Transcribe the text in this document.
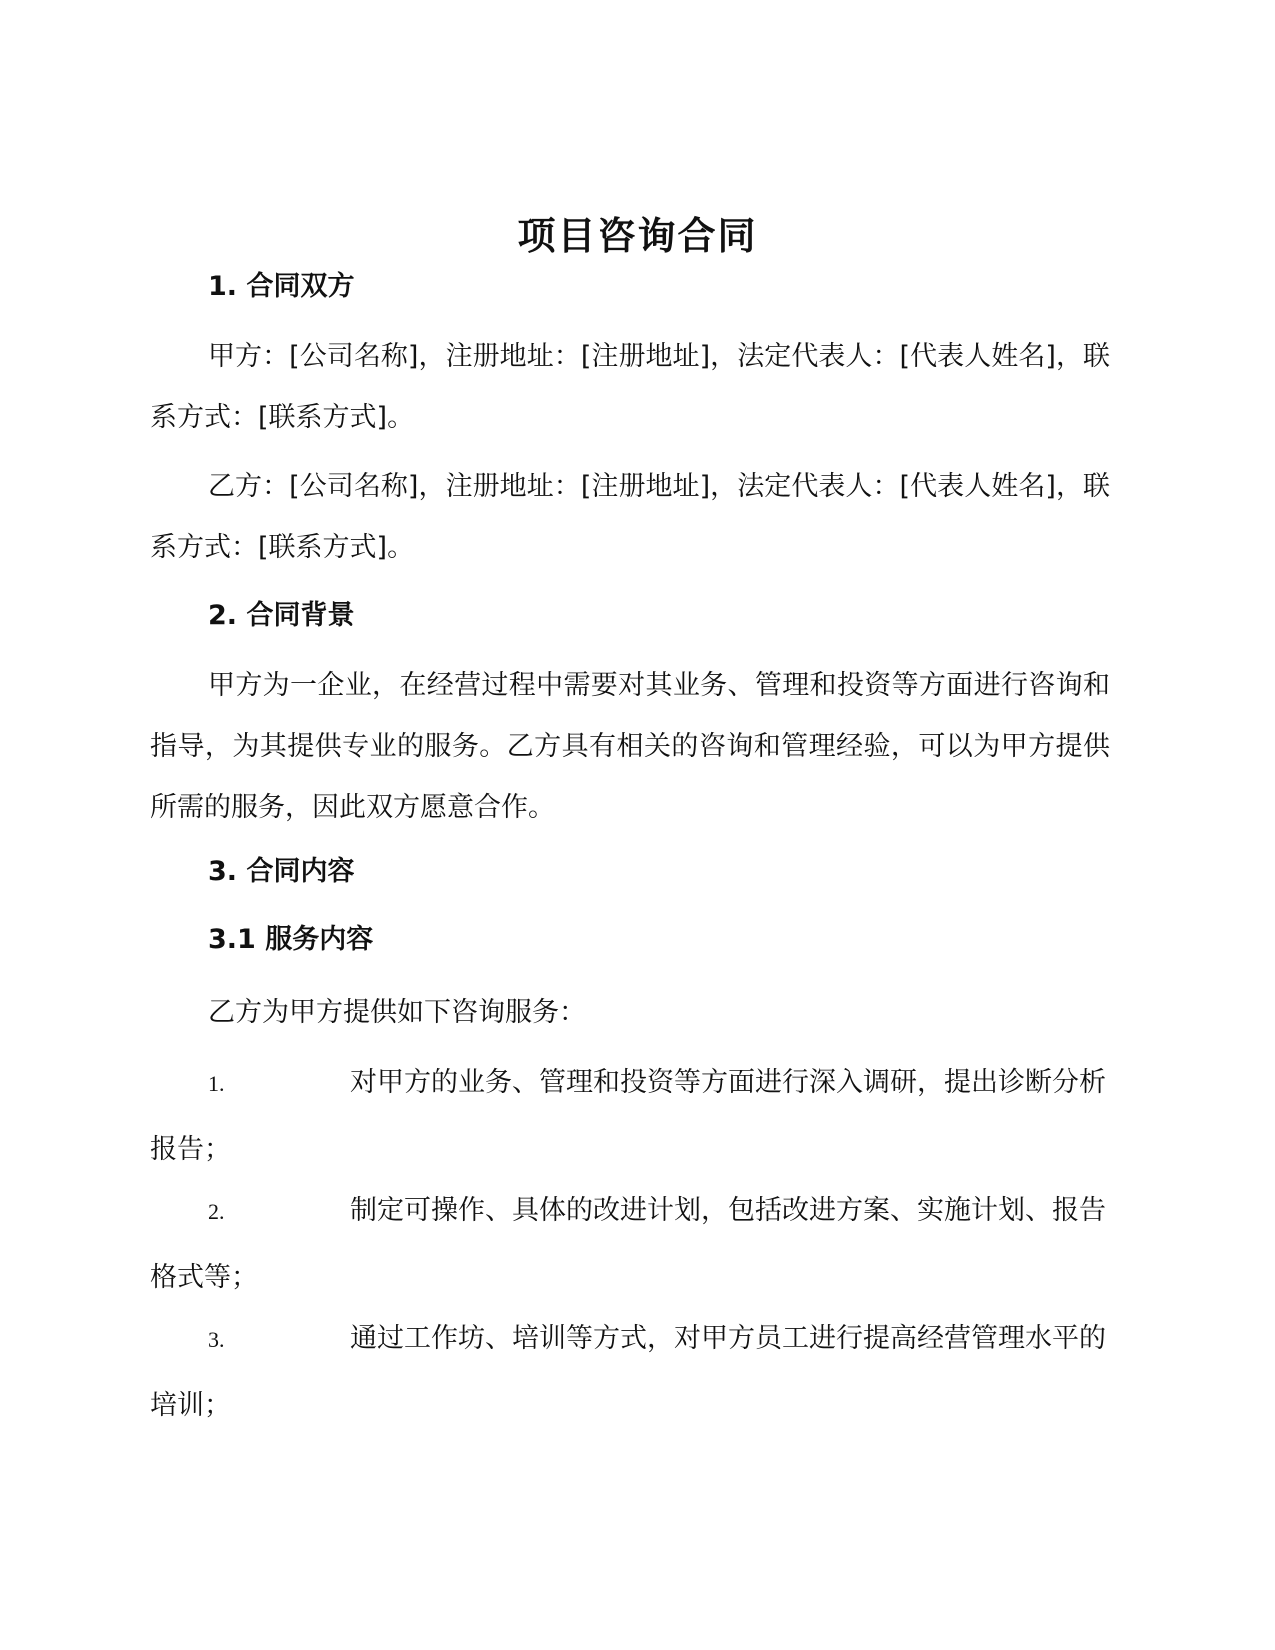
项目咨询合同
1. 合同双方
甲方：[公司名称]，注册地址：[注册地址]，法定代表人：[代表人姓名]，联系方式：[联系方式]。
乙方：[公司名称]，注册地址：[注册地址]，法定代表人：[代表人姓名]，联系方式：[联系方式]。
2. 合同背景
甲方为一企业，在经营过程中需要对其业务、管理和投资等方面进行咨询和指导，为其提供专业的服务。乙方具有相关的咨询和管理经验，可以为甲方提供所需的服务，因此双方愿意合作。
3. 合同内容
3.1 服务内容
乙方为甲方提供如下咨询服务：
1.	对甲方的业务、管理和投资等方面进行深入调研，提出诊断分析
报告；
2.	制定可操作、具体的改进计划，包括改进方案、实施计划、报告
格式等；
3.	通过工作坊、培训等方式，对甲方员工进行提高经营管理水平的
培训；
